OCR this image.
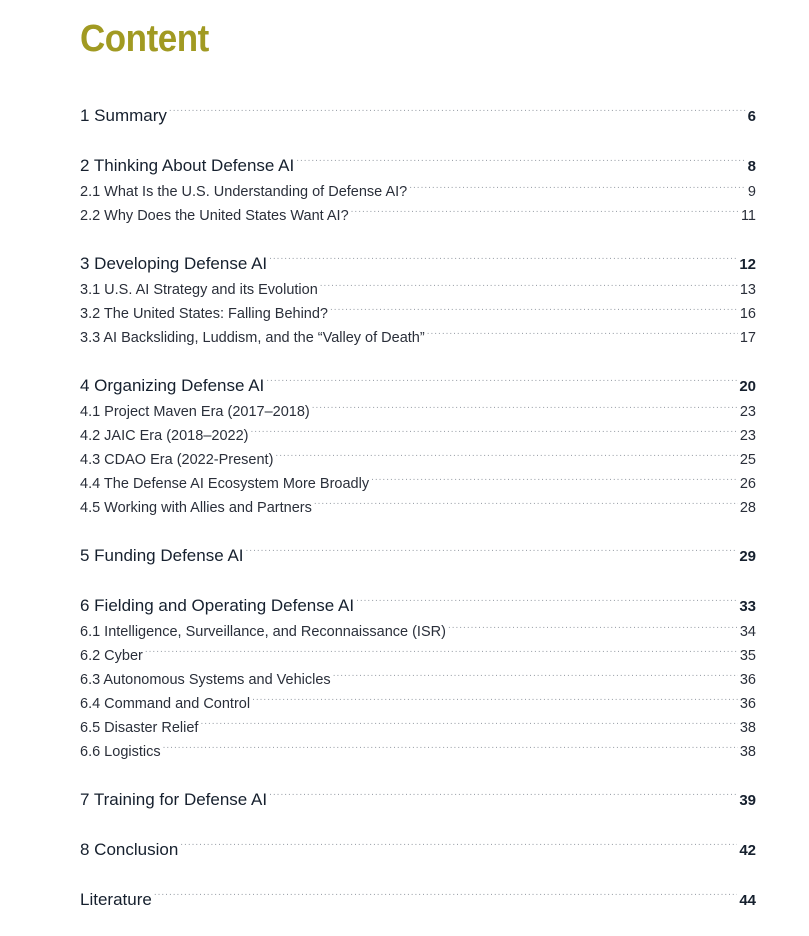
Content
1 Summary .....	6
2 Thinking About Defense AI .....	8
2.1 What Is the U.S. Understanding of Defense AI? .....	9
2.2 Why Does the United States Want AI? .....	11
3 Developing Defense AI .....	12
3.1 U.S. AI Strategy and its Evolution .....	13
3.2 The United States: Falling Behind? .....	16
3.3 AI Backsliding, Luddism, and the “Valley of Death” .....	17
4 Organizing Defense AI .....	20
4.1 Project Maven Era (2017–2018) .....	23
4.2 JAIC Era (2018–2022) .....	23
4.3 CDAO Era (2022-Present) .....	25
4.4 The Defense AI Ecosystem More Broadly .....	26
4.5 Working with Allies and Partners .....	28
5 Funding Defense AI .....	29
6 Fielding and Operating Defense AI .....	33
6.1 Intelligence, Surveillance, and Reconnaissance (ISR) .....	34
6.2 Cyber .....	35
6.3 Autonomous Systems and Vehicles .....	36
6.4 Command and Control .....	36
6.5 Disaster Relief .....	38
6.6 Logistics .....	38
7 Training for Defense AI .....	39
8 Conclusion .....	42
Literature .....	44
